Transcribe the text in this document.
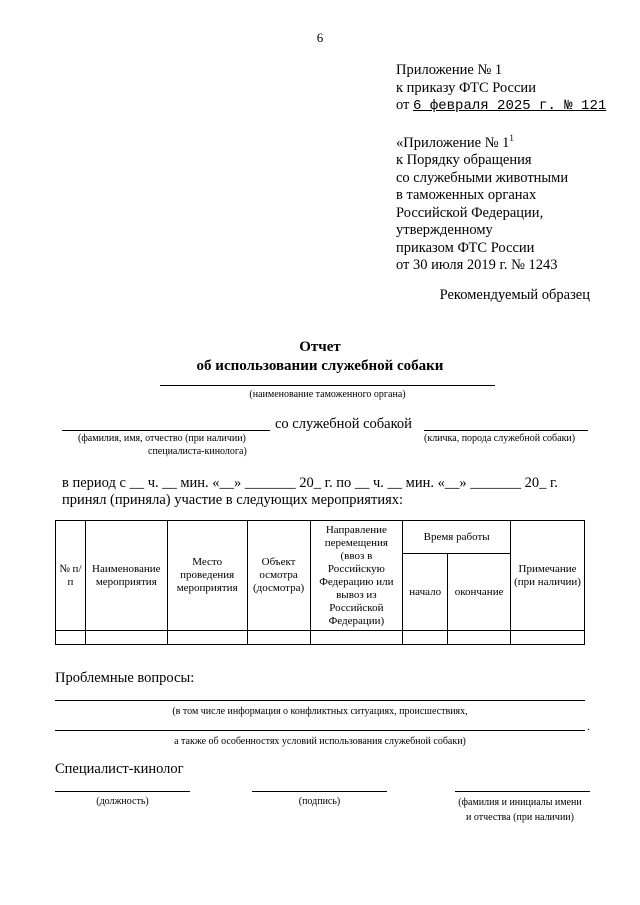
6
Приложение № 1
к приказу ФТС России
от 6 февраля 2025 г. № 121
«Приложение № $1^1$
к Порядку обращения
со служебными животными
в таможенных органах
Российской Федерации,
утвержденному
приказом ФТС России
от 30 июля 2019 г. № 1243
Рекомендуемый образец
Отчет
об использовании служебной собаки
(наименование таможенного органа)
со служебной собакой
(фамилия, имя, отчество (при наличии)
специалиста-кинолога)
(кличка, порода служебной собаки)
в период с __ ч. __ мин. «__» _______ 20_ г. по __ ч. __ мин. «__» _______ 20_ г.
принял (приняла) участие в следующих мероприятиях:
№ п/п	Наименование мероприятия	Место проведения мероприятия	Объект осмотра (досмотра)	Направление перемещения (ввоз в Российскую Федерацию или вывоз из Российской Федерации)	Время работы		Примечание (при наличии)
					начало	окончание	

Проблемные вопросы:
(в том числе информация о конфликтных ситуациях, происшествиях,
.
а также об особенностях условий использования служебной собаки)
Специалист-кинолог
(должность)	(подпись)	(фамилия и инициалы имени
и отчества (при наличии)
